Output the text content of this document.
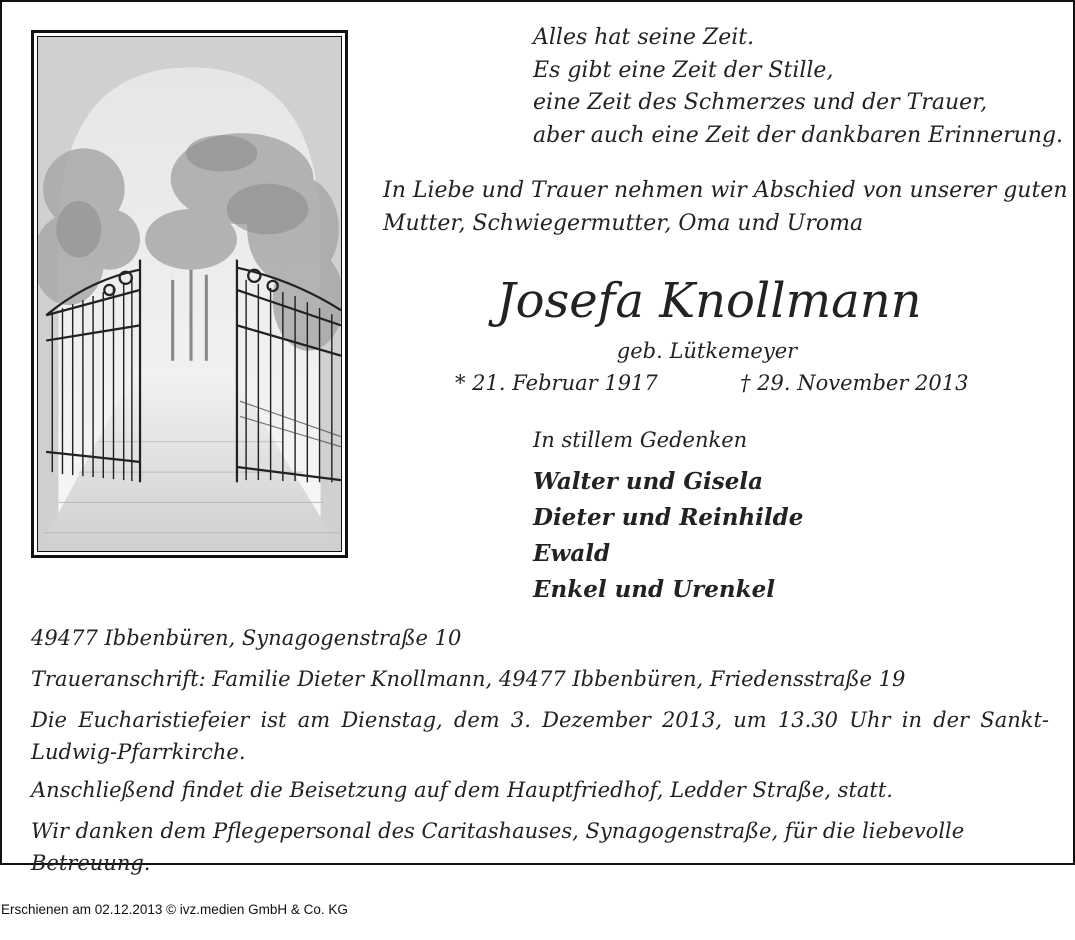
Alles hat seine Zeit.
Es gibt eine Zeit der Stille,
eine Zeit des Schmerzes und der Trauer,
aber auch eine Zeit der dankbaren Erinnerung.
In Liebe und Trauer nehmen wir Abschied von unserer guten
Mutter, Schwiegermutter, Oma und Uroma
Josefa Knollmann
geb. Lütkemeyer
* 21. Februar 1917	† 29. November 2013
In stillem Gedenken
Walter und Gisela
Dieter und Reinhilde
Ewald
Enkel und Urenkel

49477 Ibbenbüren, Synagogenstraße 10

Traueranschrift: Familie Dieter Knollmann, 49477 Ibbenbüren, Friedensstraße 19

Die Eucharistiefeier ist am Dienstag, dem 3. Dezember 2013, um 13.30 Uhr in der Sankt-Ludwig-Pfarrkirche.

Anschließend findet die Beisetzung auf dem Hauptfriedhof, Ledder Straße, statt.

Wir danken dem Pflegepersonal des Caritashauses, Synagogenstraße, für die liebevolle Betreuung.

Erschienen am 02.12.2013 © ivz.medien GmbH & Co. KG
